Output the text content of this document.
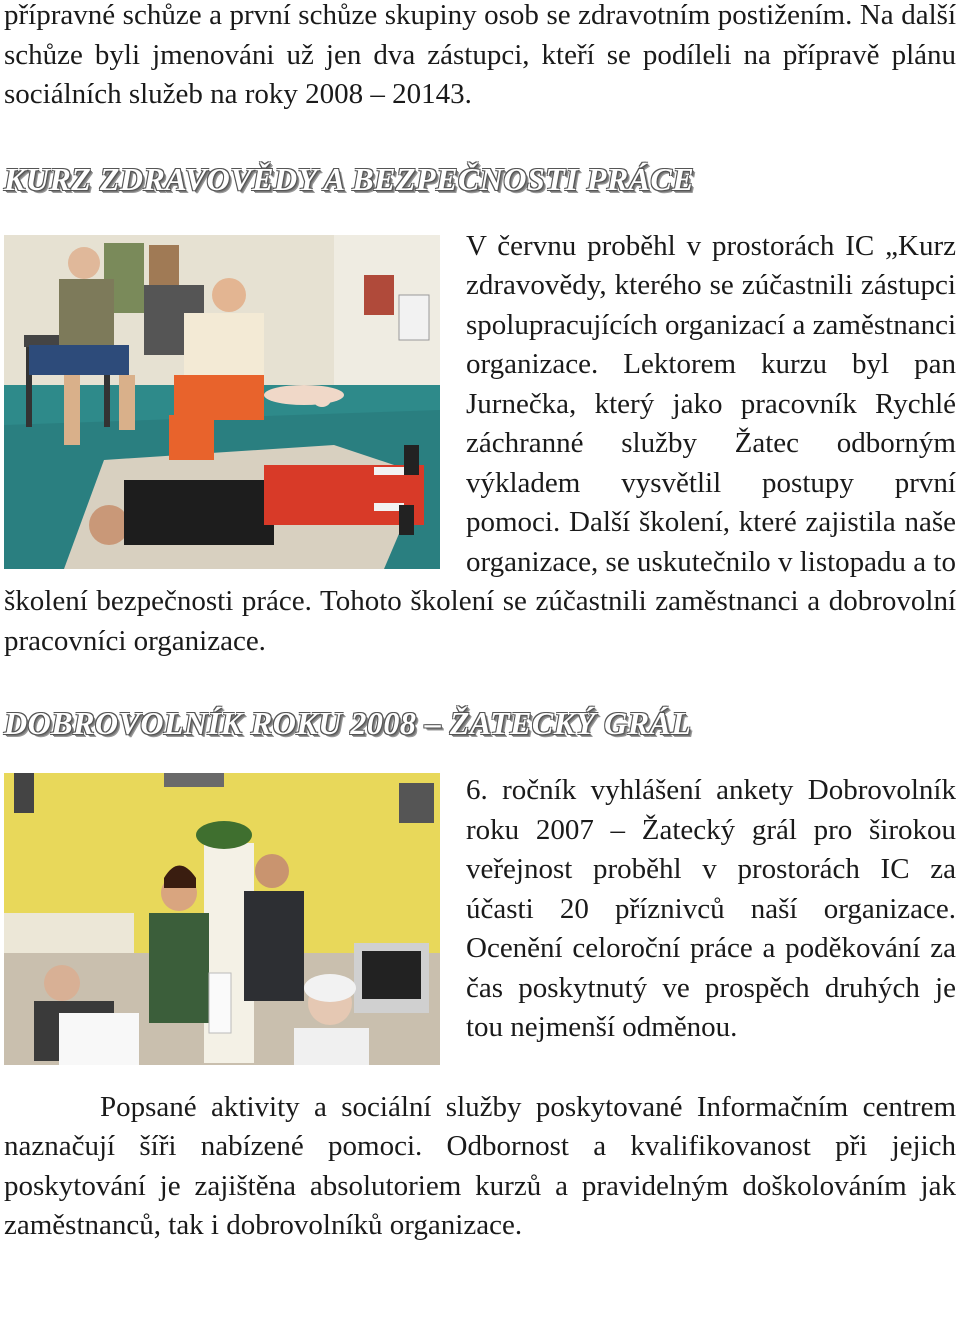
přípravné schůze a první schůze skupiny osob se zdravotním postižením. Na další schůze byli jmenováni už jen dva zástupci, kteří se podíleli na přípravě plánu sociálních služeb na roky 2008 – 20143.

KURZ ZDRAVOVĚDY A BEZPEČNOSTI PRÁCE

V červnu proběhl v prostorách IC „Kurz zdravovědy, kterého se zúčastnili zástupci spolupracujících organizací a zaměstnanci organizace. Lektorem kurzu byl pan Jurnečka, který jako pracovník Rychlé záchranné služby Žatec odborným výkladem vysvětlil postupy první pomoci. Další školení, které zajistila naše organizace, se uskutečnilo v listopadu a to školení bezpečnosti práce. Tohoto školení se zúčastnili zaměstnanci a dobrovolní pracovníci organizace.

DOBROVOLNÍK ROKU 2008 – ŽATECKÝ GRÁL

6. ročník vyhlášení ankety Dobrovolník roku 2007 – Žatecký grál pro širokou veřejnost proběhl v prostorách IC za účasti 20 příznivců naší organizace. Ocenění celoroční práce a poděkování za čas poskytnutý ve prospěch druhých je tou nejmenší odměnou.

Popsané aktivity a sociální služby poskytované Informačním centrem naznačují šíři nabízené pomoci. Odbornost a kvalifikovanost při jejich poskytování je zajištěna absolutoriem kurzů a pravidelným doškolováním jak zaměstnanců, tak i dobrovolníků organizace.
